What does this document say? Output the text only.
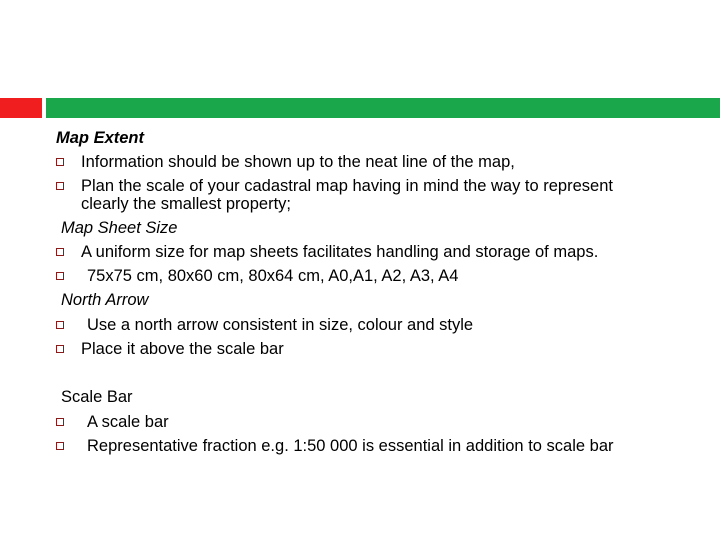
Map Extent
Information should be shown up to the neat line of the map,
Plan the scale of your cadastral map having in mind the way to represent
clearly the smallest property;
Map Sheet Size
A uniform size for map sheets facilitates handling and storage of maps.
75x75 cm, 80x60 cm, 80x64 cm, A0,A1, A2, A3, A4
North Arrow
Use a north arrow consistent in size, colour and style
Place it above the scale bar
Scale Bar
A scale bar
Representative fraction e.g. 1:50 000 is essential in addition to scale bar
